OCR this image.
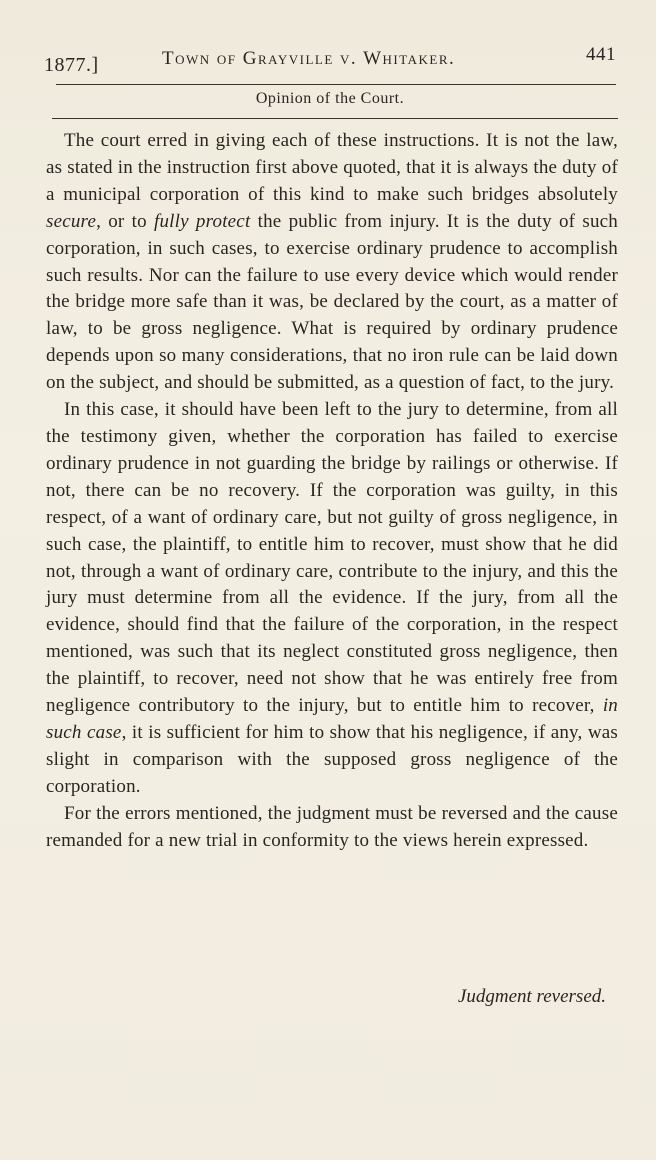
1877.]	Town of Grayville v. Whitaker.	441
Opinion of the Court.

The court erred in giving each of these instructions. It is not the law, as stated in the instruction first above quoted, that it is always the duty of a municipal corporation of this kind to make such bridges absolutely secure, or to fully protect the public from injury. It is the duty of such corporation, in such cases, to exercise ordinary prudence to accomplish such results. Nor can the failure to use every device which would render the bridge more safe than it was, be declared by the court, as a matter of law, to be gross negligence. What is required by ordinary prudence depends upon so many considerations, that no iron rule can be laid down on the subject, and should be submitted, as a question of fact, to the jury.

In this case, it should have been left to the jury to determine, from all the testimony given, whether the corporation has failed to exercise ordinary prudence in not guarding the bridge by railings or otherwise. If not, there can be no recovery. If the corporation was guilty, in this respect, of a want of ordinary care, but not guilty of gross negligence, in such case, the plaintiff, to entitle him to recover, must show that he did not, through a want of ordinary care, contribute to the injury, and this the jury must determine from all the evidence. If the jury, from all the evidence, should find that the failure of the corporation, in the respect mentioned, was such that its neglect constituted gross negligence, then the plaintiff, to recover, need not show that he was entirely free from negligence contributory to the injury, but to entitle him to recover, in such case, it is sufficient for him to show that his negligence, if any, was slight in comparison with the supposed gross negligence of the corporation.

For the errors mentioned, the judgment must be reversed and the cause remanded for a new trial in conformity to the views herein expressed.

Judgment reversed.
